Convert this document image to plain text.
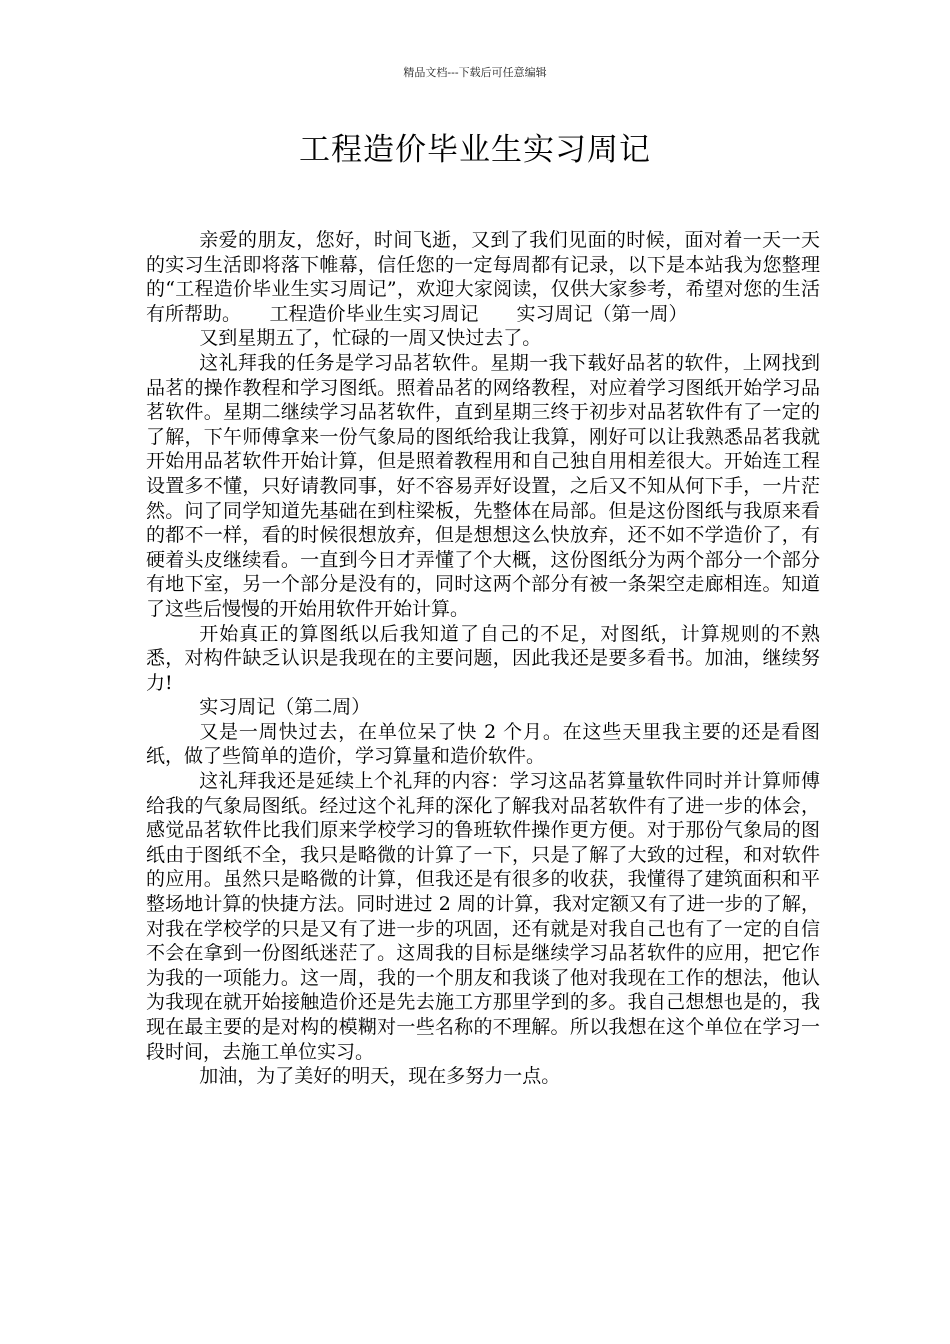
精品文档---下载后可任意编辑
工程造价毕业生实习周记

亲爱的朋友，您好，时间飞逝，又到了我们见面的时候，面对着一天一天的实习生活即将落下帷幕，信任您的一定每周都有记录，以下是本站我为您整理的“工程造价毕业生实习周记”，欢迎大家阅读，仅供大家参考，希望对您的生活有所帮助。　　工程造价毕业生实习周记　　实习周记（第一周）

又到星期五了，忙碌的一周又快过去了。

这礼拜我的任务是学习品茗软件。星期一我下载好品茗的软件，上网找到品茗的操作教程和学习图纸。照着品茗的网络教程，对应着学习图纸开始学习品茗软件。星期二继续学习品茗软件，直到星期三终于初步对品茗软件有了一定的了解，下午师傅拿来一份气象局的图纸给我让我算，刚好可以让我熟悉品茗我就开始用品茗软件开始计算，但是照着教程用和自己独自用相差很大。开始连工程设置多不懂，只好请教同事，好不容易弄好设置，之后又不知从何下手，一片茫然。问了同学知道先基础在到柱梁板，先整体在局部。但是这份图纸与我原来看的都不一样，看的时候很想放弃，但是想想这么快放弃，还不如不学造价了，有硬着头皮继续看。一直到今日才弄懂了个大概，这份图纸分为两个部分一个部分有地下室，另一个部分是没有的，同时这两个部分有被一条架空走廊相连。知道了这些后慢慢的开始用软件开始计算。

开始真正的算图纸以后我知道了自己的不足，对图纸，计算规则的不熟悉，对构件缺乏认识是我现在的主要问题，因此我还是要多看书。加油，继续努力!

实习周记（第二周）

又是一周快过去，在单位呆了快 2 个月。在这些天里我主要的还是看图纸，做了些简单的造价，学习算量和造价软件。

这礼拜我还是延续上个礼拜的内容：学习这品茗算量软件同时并计算师傅给我的气象局图纸。经过这个礼拜的深化了解我对品茗软件有了进一步的体会，感觉品茗软件比我们原来学校学习的鲁班软件操作更方便。对于那份气象局的图纸由于图纸不全，我只是略微的计算了一下，只是了解了大致的过程，和对软件的应用。虽然只是略微的计算，但我还是有很多的收获，我懂得了建筑面积和平整场地计算的快捷方法。同时进过 2 周的计算，我对定额又有了进一步的了解，对我在学校学的只是又有了进一步的巩固，还有就是对我自己也有了一定的自信不会在拿到一份图纸迷茫了。这周我的目标是继续学习品茗软件的应用，把它作为我的一项能力。这一周，我的一个朋友和我谈了他对我现在工作的想法，他认为我现在就开始接触造价还是先去施工方那里学到的多。我自己想想也是的，我现在最主要的是对构的模糊对一些名称的不理解。所以我想在这个单位在学习一段时间，去施工单位实习。

加油，为了美好的明天，现在多努力一点。
